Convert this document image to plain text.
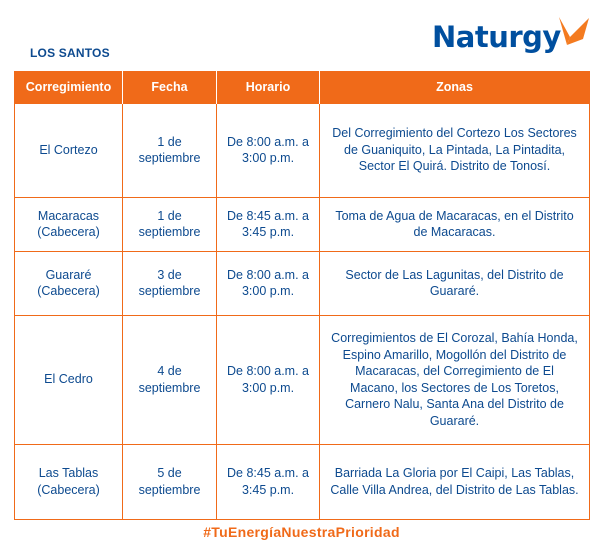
LOS SANTOS	Naturgy
Corregimiento	Fecha	Horario	Zonas
El Cortezo	1 de septiembre	De 8:00 a.m. a 3:00 p.m.	Del Corregimiento del Cortezo Los Sectores de Guaniquito, La Pintada, La Pintadita, Sector El Quirá. Distrito de Tonosí.
Macaracas (Cabecera)	1 de septiembre	De 8:45 a.m. a 3:45 p.m.	Toma de Agua de Macaracas, en el Distrito de Macaracas.
Guararé (Cabecera)	3 de septiembre	De 8:00 a.m. a 3:00 p.m.	Sector de Las Lagunitas, del Distrito de Guararé.
El Cedro	4 de septiembre	De 8:00 a.m. a 3:00 p.m.	Corregimientos de El Corozal, Bahía Honda, Espino Amarillo, Mogollón del Distrito de Macaracas, del Corregimiento de El Macano, los Sectores de Los Toretos, Carnero Nalu, Santa Ana del Distrito de Guararé.
Las Tablas (Cabecera)	5 de septiembre	De 8:45 a.m. a 3:45 p.m.	Barriada La Gloria por El Caipi, Las Tablas, Calle Villa Andrea, del Distrito de Las Tablas.
#TuEnergíaNuestraPrioridad
